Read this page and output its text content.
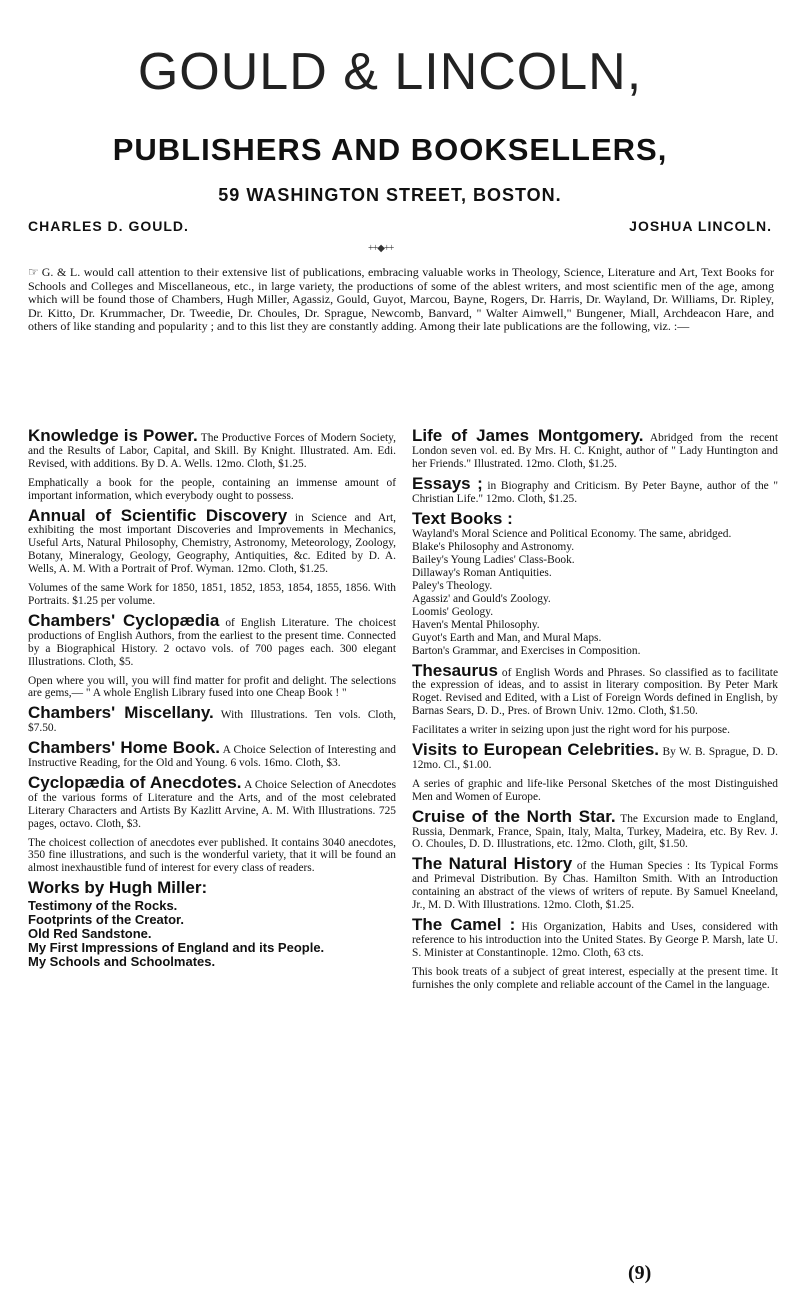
GOULD & LINCOLN,
PUBLISHERS AND BOOKSELLERS,
59 WASHINGTON STREET, BOSTON.
CHARLES D. GOULD.	JOSHUA LINCOLN.
++◆++
☞ G. & L. would call attention to their extensive list of publications, embracing valuable works in Theology, Science, Literature and Art, Text Books for Schools and Colleges and Miscellaneous, etc., in large variety, the productions of some of the ablest writers, and most scientific men of the age, among which will be found those of Chambers, Hugh Miller, Agassiz, Gould, Guyot, Marcou, Bayne, Rogers, Dr. Harris, Dr. Wayland, Dr. Williams, Dr. Ripley, Dr. Kitto, Dr. Krummacher, Dr. Tweedie, Dr. Choules, Dr. Sprague, Newcomb, Banvard, " Walter Aimwell," Bungener, Miall, Archdeacon Hare, and others of like standing and popularity ; and to this list they are constantly adding. Among their late publications are the following, viz. :—

Knowledge is Power. The Productive Forces of Modern Society, and the Results of Labor, Capital, and Skill. By Knight. Illustrated. Am. Edi. Revised, with additions. By D. A. Wells. 12mo. Cloth, $1.25.

Emphatically a book for the people, containing an immense amount of important information, which everybody ought to possess.

Annual of Scientific Discovery in Science and Art, exhibiting the most important Discoveries and Improvements in Mechanics, Useful Arts, Natural Philosophy, Chemistry, Astronomy, Meteorology, Zoology, Botany, Mineralogy, Geology, Geography, Antiquities, &c. Edited by D. A. Wells, A. M. With a Portrait of Prof. Wyman. 12mo. Cloth, $1.25.

Volumes of the same Work for 1850, 1851, 1852, 1853, 1854, 1855, 1856. With Portraits. $1.25 per volume.

Chambers' Cyclopædia of English Literature. The choicest productions of English Authors, from the earliest to the present time. Connected by a Biographical History. 2 octavo vols. of 700 pages each. 300 elegant Illustrations. Cloth, $5.

Open where you will, you will find matter for profit and delight. The selections are gems,— " A whole English Library fused into one Cheap Book ! "

Chambers' Miscellany. With Illustrations. Ten vols. Cloth, $7.50.

Chambers' Home Book. A Choice Selection of Interesting and Instructive Reading, for the Old and Young. 6 vols. 16mo. Cloth, $3.

Cyclopædia of Anecdotes. A Choice Selection of Anecdotes of the various forms of Literature and the Arts, and of the most celebrated Literary Characters and Artists By Kazlitt Arvine, A. M. With Illustrations. 725 pages, octavo. Cloth, $3.

The choicest collection of anecdotes ever published. It contains 3040 anecdotes, 350 fine illustrations, and such is the wonderful variety, that it will be found an almost inexhaustible fund of interest for every class of readers.

Works by Hugh Miller:

Testimony of the Rocks.
Footprints of the Creator.
Old Red Sandstone.
My First Impressions of England and its People.
My Schools and Schoolmates.

Life of James Montgomery. Abridged from the recent London seven vol. ed. By Mrs. H. C. Knight, author of " Lady Huntington and her Friends." Illustrated. 12mo. Cloth, $1.25.

Essays ; in Biography and Criticism. By Peter Bayne, author of the " Christian Life." 12mo. Cloth, $1.25.

Text Books :

Wayland's Moral Science and Political Economy. The same, abridged.
Blake's Philosophy and Astronomy.
Bailey's Young Ladies' Class-Book.
Dillaway's Roman Antiquities.
Paley's Theology.
Agassiz' and Gould's Zoology.
Loomis' Geology.
Haven's Mental Philosophy.
Guyot's Earth and Man, and Mural Maps.
Barton's Grammar, and Exercises in Composition.

Thesaurus of English Words and Phrases. So classified as to facilitate the expression of ideas, and to assist in literary composition. By Peter Mark Roget. Revised and Edited, with a List of Foreign Words defined in English, by Barnas Sears, D. D., Pres. of Brown Univ. 12mo. Cloth, $1.50.

Facilitates a writer in seizing upon just the right word for his purpose.

Visits to European Celebrities. By W. B. Sprague, D. D. 12mo. Cl., $1.00.

A series of graphic and life-like Personal Sketches of the most Distinguished Men and Women of Europe.

Cruise of the North Star. The Excursion made to England, Russia, Denmark, France, Spain, Italy, Malta, Turkey, Madeira, etc. By Rev. J. O. Choules, D. D. Illustrations, etc. 12mo. Cloth, gilt, $1.50.

The Natural History of the Human Species : Its Typical Forms and Primeval Distribution. By Chas. Hamilton Smith. With an Introduction containing an abstract of the views of writers of repute. By Samuel Kneeland, Jr., M. D. With Illustrations. 12mo. Cloth, $1.25.

The Camel : His Organization, Habits and Uses, considered with reference to his introduction into the United States. By George P. Marsh, late U. S. Minister at Constantinople. 12mo. Cloth, 63 cts.

This book treats of a subject of great interest, especially at the present time. It furnishes the only complete and reliable account of the Camel in the language.

(9)
